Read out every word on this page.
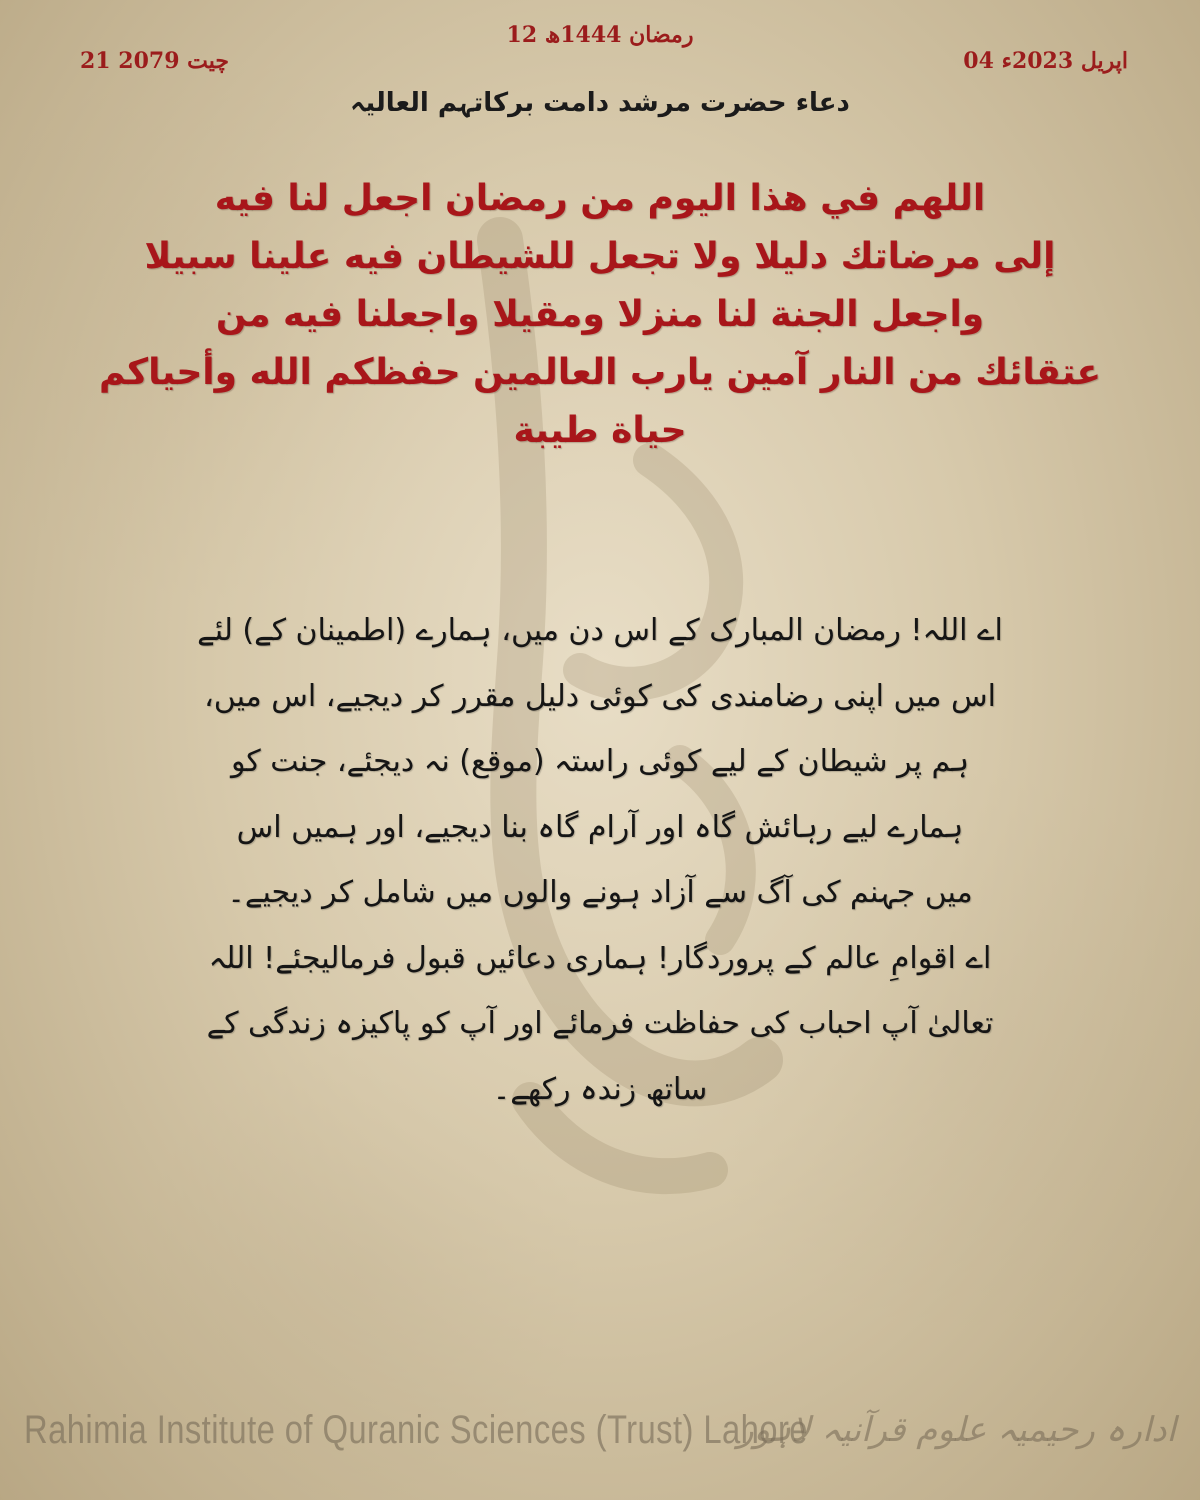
12 رمضان 1444ھ
04 اپریل 2023ء
21 چیت 2079
دعاء حضرت مرشد دامت برکاتہم العالیہ
اللهم في هذا اليوم من رمضان اجعل لنا فيه
إلى مرضاتك دليلا ولا تجعل للشيطان فيه علينا سبيلا
واجعل الجنة لنا منزلا ومقيلا واجعلنا فيه من
عتقائك من النار آمين يارب العالمين حفظكم الله وأحياكم
حياة طيبة
اے اللہ! رمضان المبارک کے اس دن میں، ہمارے (اطمینان کے) لئے
اس میں اپنی رضامندی کی کوئی دلیل مقرر کر دیجیے، اس میں،
ہم پر شیطان کے لیے کوئی راستہ (موقع) نہ دیجئے، جنت کو
ہمارے لیے رہائش گاہ اور آرام گاہ بنا دیجیے، اور ہمیں اس
میں جہنم کی آگ سے آزاد ہونے والوں میں شامل کر دیجیے۔
اے اقوامِ عالم کے پروردگار! ہماری دعائیں قبول فرمالیجئے! اللہ
تعالیٰ آپ احباب کی حفاظت فرمائے اور آپ کو پاکیزہ زندگی کے
ساتھ زندہ رکھے۔
Rahimia Institute of Quranic Sciences (Trust) Lahore
ادارہ رحیمیہ علوم قرآنیہ لاہور
